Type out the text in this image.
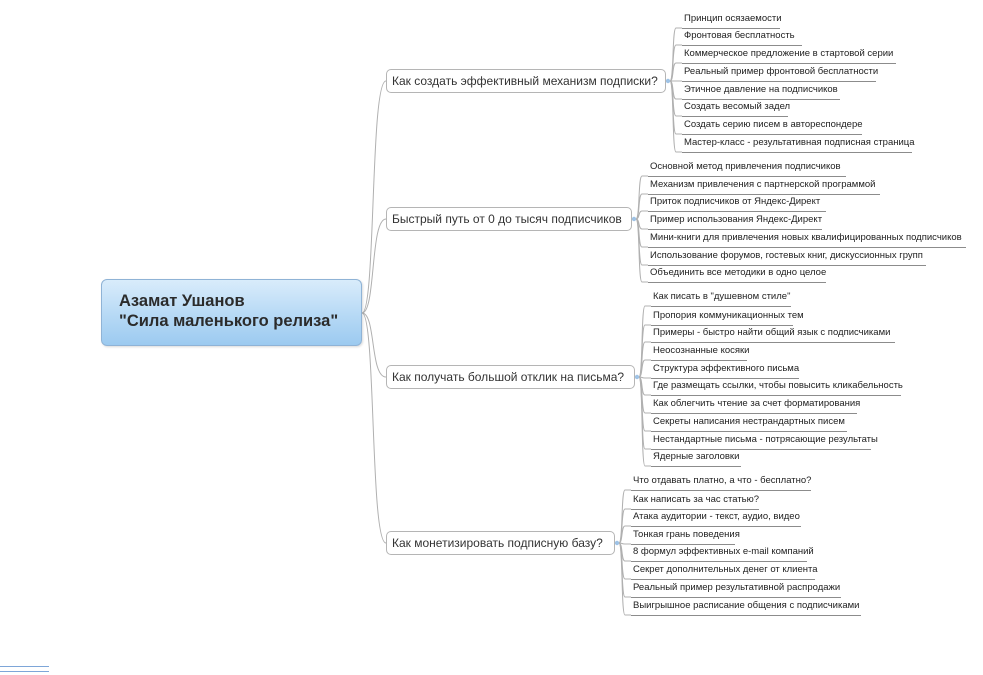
Азамат Ушанов
"Сила маленького релиза"
Как создать эффективный механизм подписки?
Быстрый путь от 0 до тысяч подписчиков
Как получать большой отклик на письма?
Как монетизировать подписную базу?
Принцип осязаемости
Фронтовая бесплатность
Коммерческое предложение в стартовой серии
Реальный пример фронтовой бесплатности
Этичное давление на подписчиков
Создать весомый задел
Создать серию писем в автореспондере
Мастер-класс - результативная подписная страница
Основной метод привлечения подписчиков
Механизм привлечения с партнерской программой
Приток подписчиков от Яндекс-Директ
Пример использования Яндекс-Директ
Мини-книги для привлечения новых квалифицированных подписчиков
Использование форумов, гостевых книг, дискуссионных групп
Объединить все методики в одно целое
Как писать в "душевном стиле"
Пропория коммуникационных тем
Примеры - быстро найти общий язык с подписчиками
Неосознанные косяки
Структура эффективного письма
Где размещать ссылки, чтобы повысить кликабельность
Как облегчить чтение за счет форматирования
Секреты написания нестрандартных писем
Нестандартные письма - потрясающие результаты
Ядерные заголовки
Что отдавать платно, а что - бесплатно?
Как написать за час статью?
Атака аудитории - текст, аудио, видео
Тонкая грань поведения
8 формул эффективных e-mail компаний
Секрет дополнительных денег от клиента
Реальный пример результативной распродажи
Выигрышное расписание общения с подписчиками
